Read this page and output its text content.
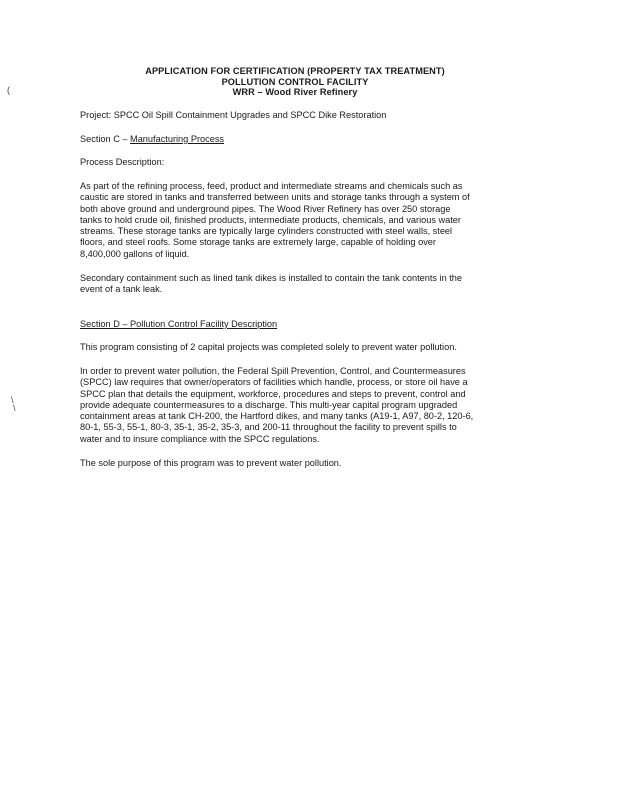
(
\
\
APPLICATION FOR CERTIFICATION (PROPERTY TAX TREATMENT)
POLLUTION CONTROL FACILITY
WRR – Wood River Refinery
Project: SPCC Oil Spill Containment Upgrades and SPCC Dike Restoration
Section C – Manufacturing Process
Process Description:

As part of the refining process, feed, product and intermediate streams and chemicals such as

caustic are stored in tanks and transferred between units and storage tanks through a system of

both above ground and underground pipes. The Wood River Refinery has over 250 storage

tanks to hold crude oil, finished products, intermediate products, chemicals, and various water

streams. These storage tanks are typically large cylinders constructed with steel walls, steel

floors, and steel roofs. Some storage tanks are extremely large, capable of holding over

8,400,000 gallons of liquid.

Secondary containment such as lined tank dikes is installed to contain the tank contents in the

event of a tank leak.

Section D – Pollution Control Facility Description
This program consisting of 2 capital projects was completed solely to prevent water pollution.

In order to prevent water pollution, the Federal Spill Prevention, Control, and Countermeasures

(SPCC) law requires that owner/operators of facilities which handle, process, or store oil have a

SPCC plan that details the equipment, workforce, procedures and steps to prevent, control and

provide adequate countermeasures to a discharge. This multi-year capital program upgraded

containment areas at tank CH-200, the Hartford dikes, and many tanks (A19-1, A97, 80-2, 120-6,

80-1, 55-3, 55-1, 80-3, 35-1, 35-2, 35-3, and 200-11 throughout the facility to prevent spills to

water and to insure compliance with the SPCC regulations.

The sole purpose of this program was to prevent water pollution.
